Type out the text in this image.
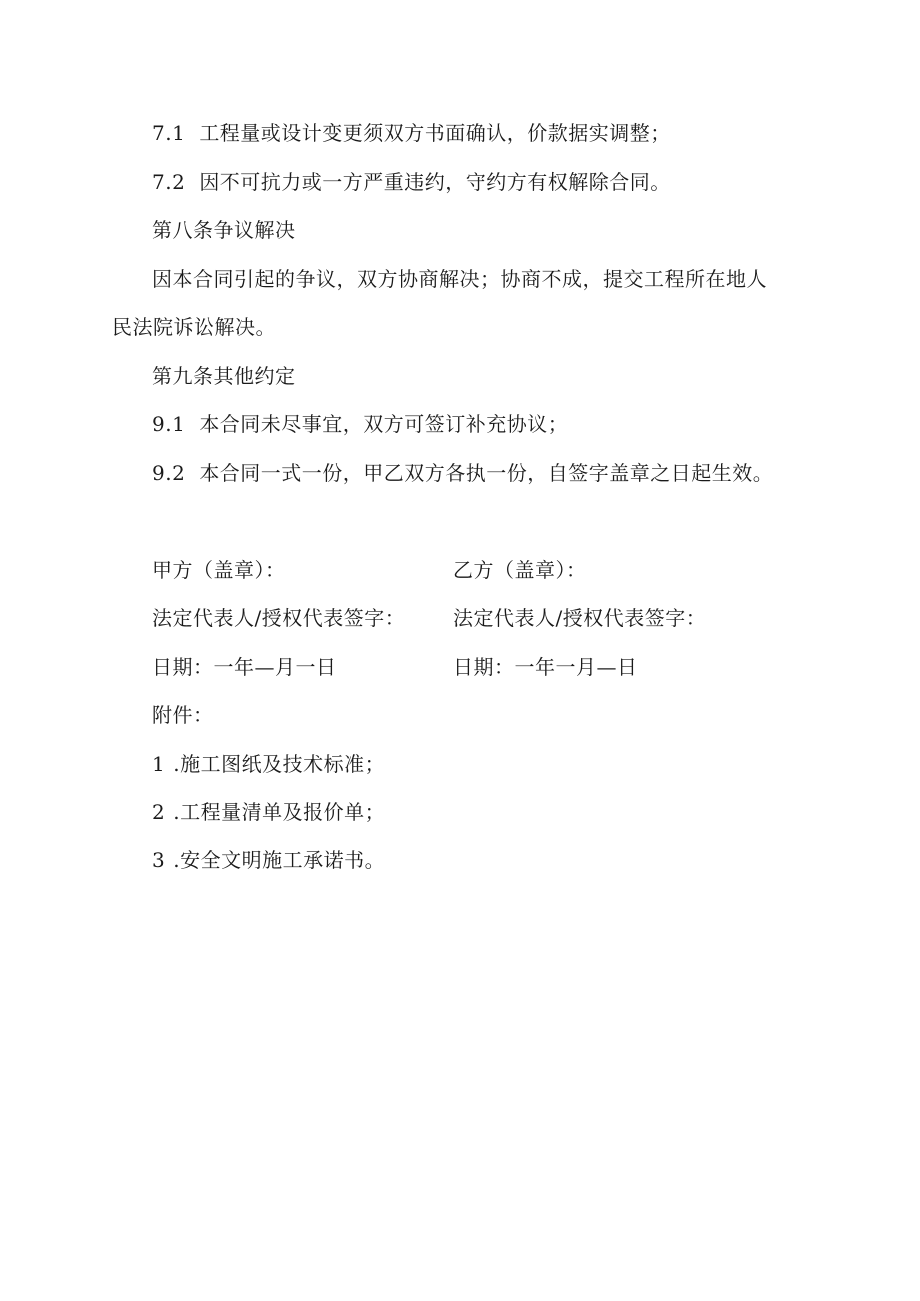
7.1 工程量或设计变更须双方书面确认，价款据实调整；
7.2 因不可抗力或一方严重违约，守约方有权解除合同。
第八条争议解决
因本合同引起的争议，双方协商解决；协商不成，提交工程所在地人
民法院诉讼解决。
第九条其他约定
9.1 本合同未尽事宜，双方可签订补充协议；
9.2 本合同一式一份，甲乙双方各执一份，自签字盖章之日起生效。
甲方（盖章）：	乙方（盖章）：
法定代表人/授权代表签字： 法定代表人/授权代表签字：
日期：一年—月一日	日期：一年一月—日
附件：
1 .施工图纸及技术标准；
2 .工程量清单及报价单；
3 .安全文明施工承诺书。
